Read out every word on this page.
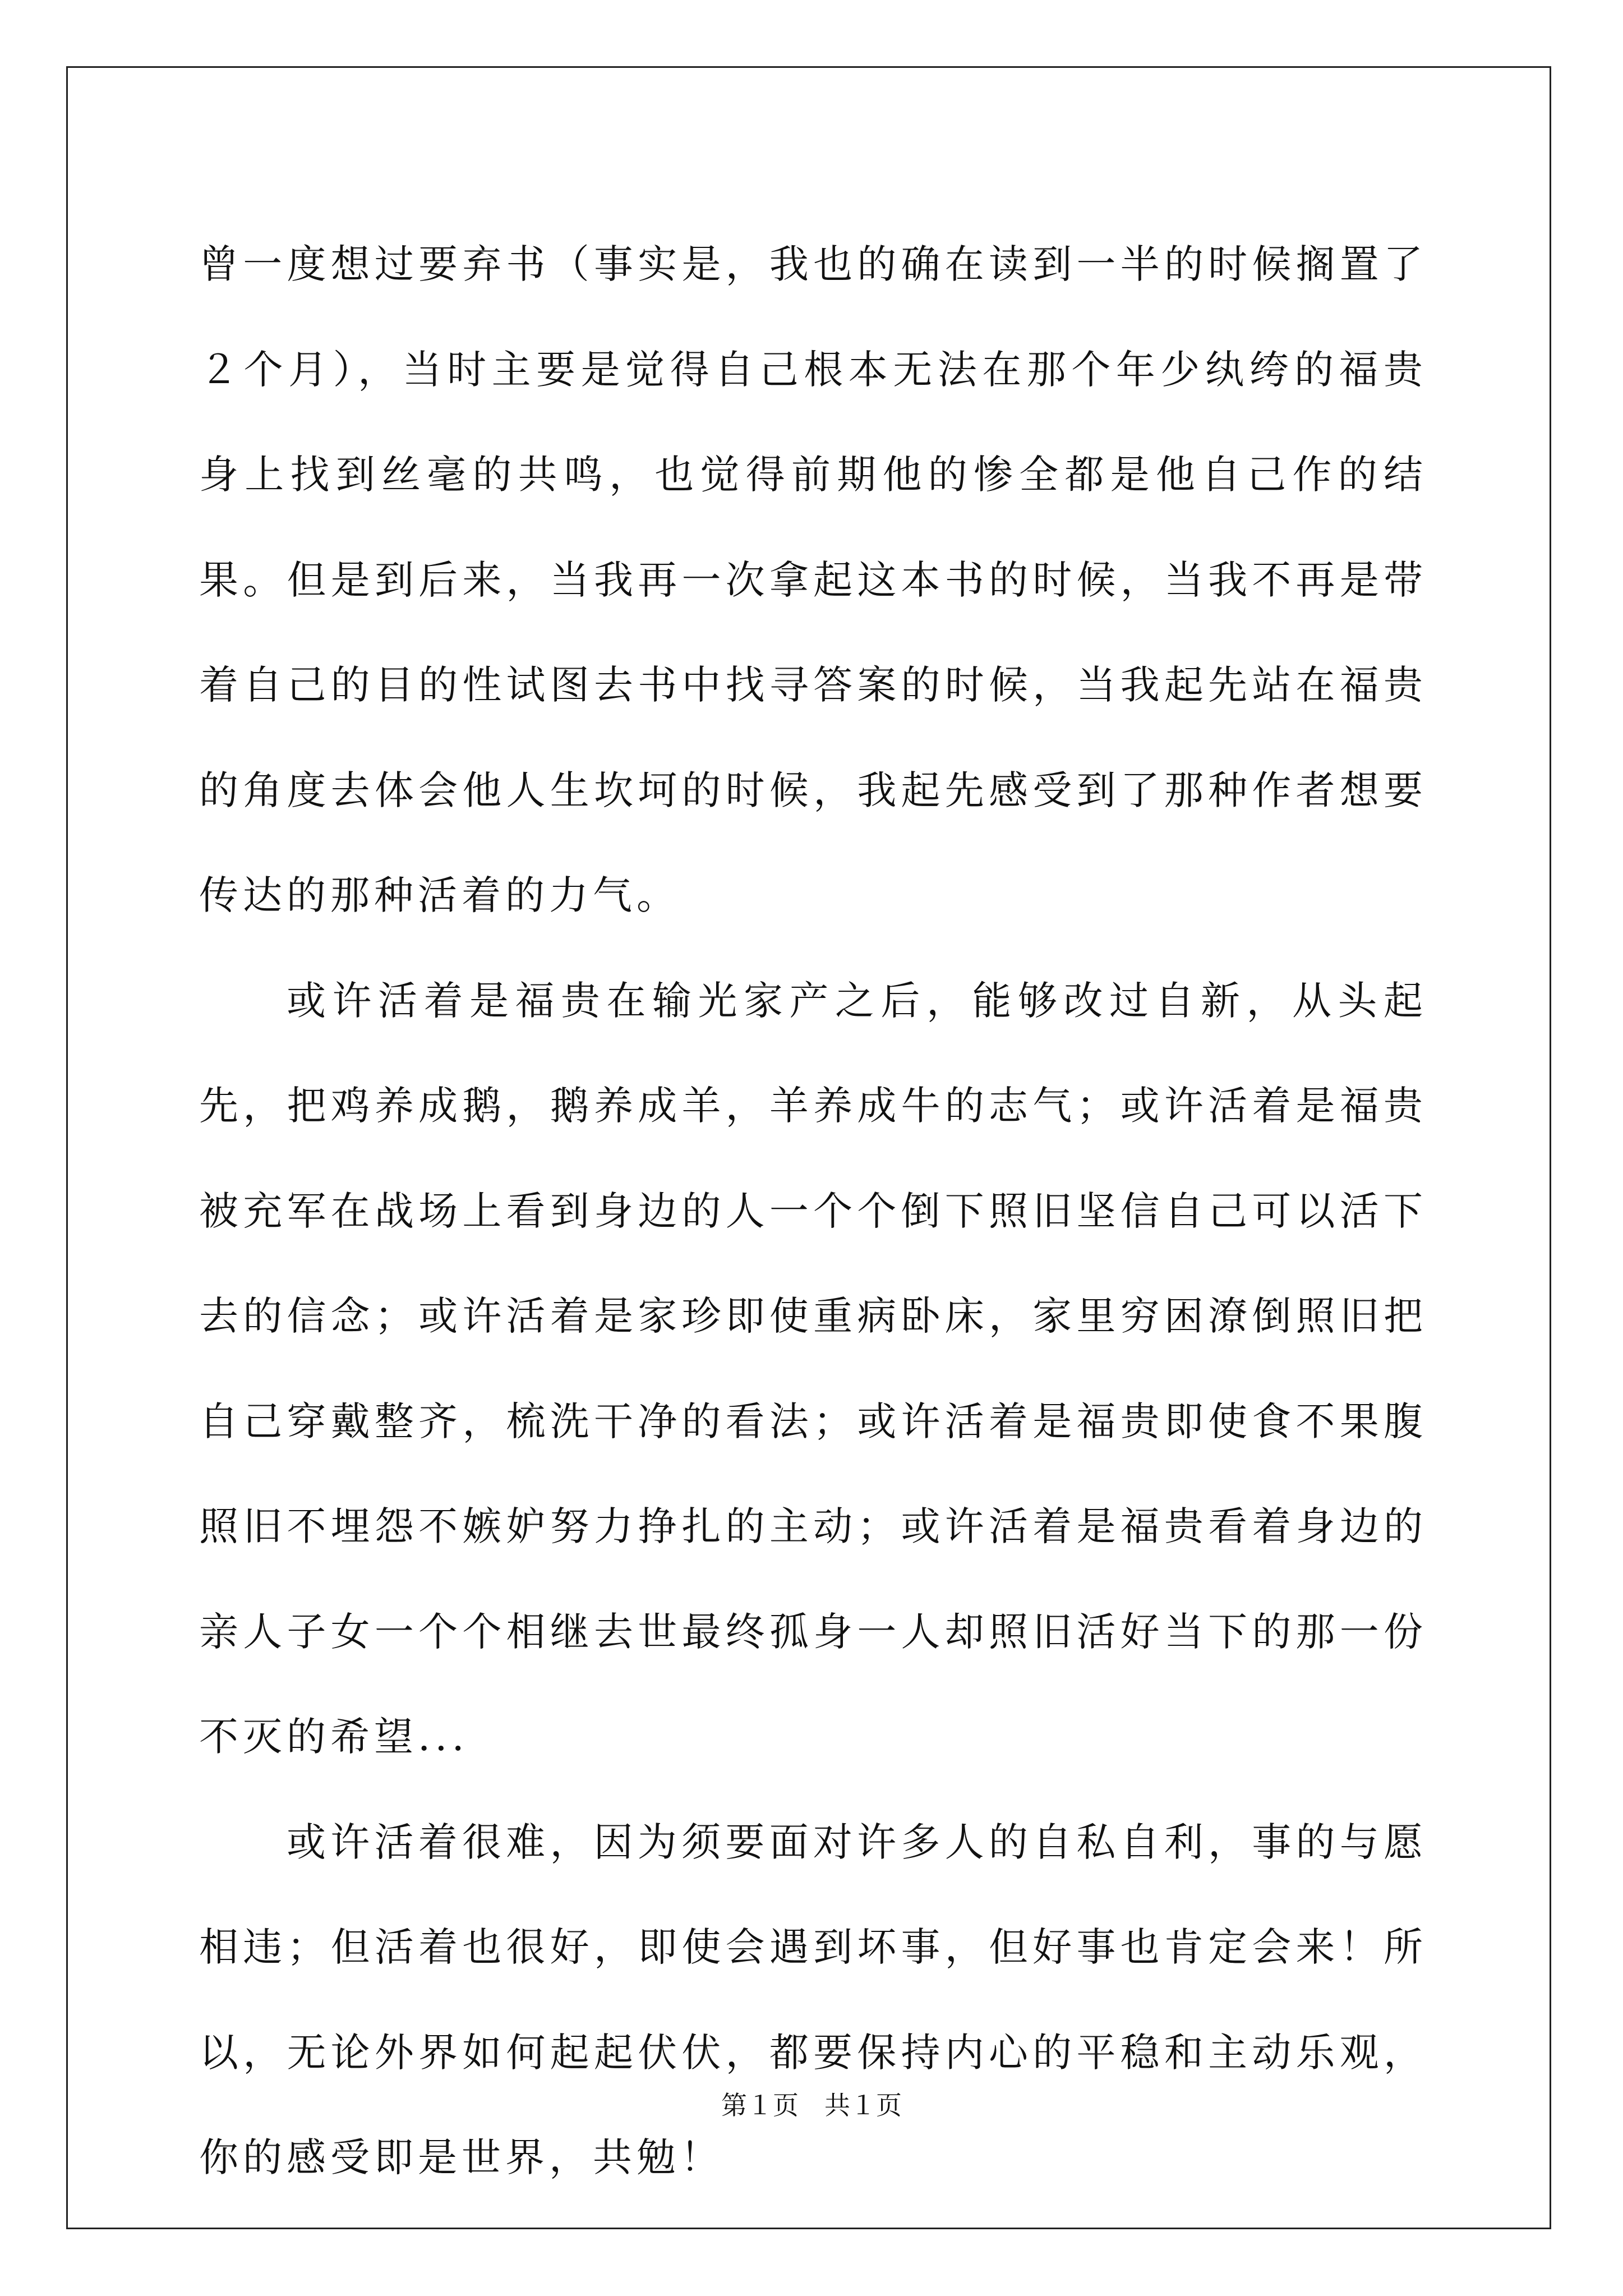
曾一度想过要弃书（事实是，我也的确在读到一半的时候搁置了２个月），当时主要是觉得自己根本无法在那个年少纨绔的福贵身上找到丝毫的共鸣，也觉得前期他的惨全都是他自己作的结果。但是到后来，当我再一次拿起这本书的时候，当我不再是带着自己的目的性试图去书中找寻答案的时候，当我起先站在福贵的角度去体会他人生坎坷的时候，我起先感受到了那种作者想要传达的那种活着的力气。

或许活着是福贵在输光家产之后，能够改过自新，从头起先，把鸡养成鹅，鹅养成羊，羊养成牛的志气；或许活着是福贵被充军在战场上看到身边的人一个个倒下照旧坚信自己可以活下去的信念；或许活着是家珍即使重病卧床，家里穷困潦倒照旧把自己穿戴整齐，梳洗干净的看法；或许活着是福贵即使食不果腹照旧不埋怨不嫉妒努力挣扎的主动；或许活着是福贵看着身边的亲人子女一个个相继去世最终孤身一人却照旧活好当下的那一份不灭的希望...

或许活着很难，因为须要面对许多人的自私自利，事的与愿相违；但活着也很好，即使会遇到坏事，但好事也肯定会来！所以，无论外界如何起起伏伏，都要保持内心的平稳和主动乐观，你的感受即是世界，共勉！

第１页　共１页
